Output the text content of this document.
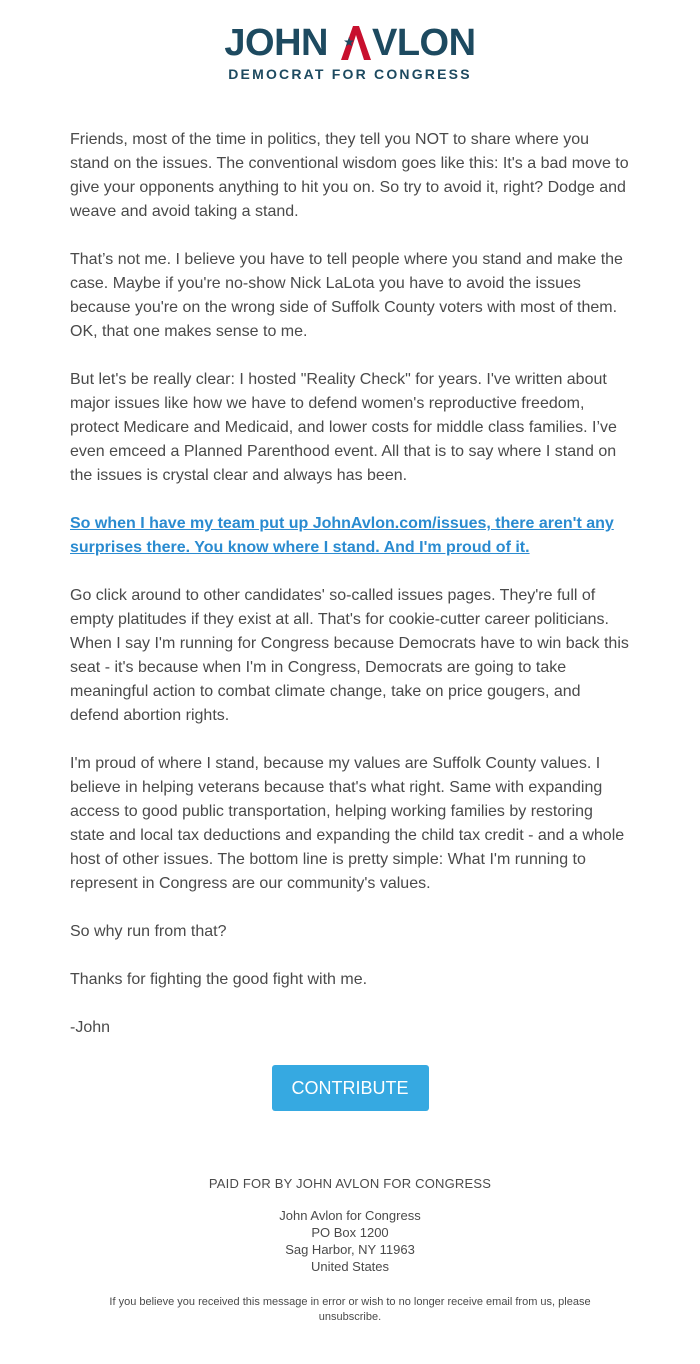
JOHN VLON
DEMOCRAT FOR CONGRESS

Friends, most of the time in politics, they tell you NOT to share where you stand on the issues. The conventional wisdom goes like this: It's a bad move to give your opponents anything to hit you on. So try to avoid it, right? Dodge and weave and avoid taking a stand.

That’s not me. I believe you have to tell people where you stand and make the case. Maybe if you're no-show Nick LaLota you have to avoid the issues because you're on the wrong side of Suffolk County voters with most of them. OK, that one makes sense to me.

But let's be really clear: I hosted "Reality Check" for years. I've written about major issues like how we have to defend women's reproductive freedom, protect Medicare and Medicaid, and lower costs for middle class families. I’ve even emceed a Planned Parenthood event. All that is to say where I stand on the issues is crystal clear and always has been.

So when I have my team put up JohnAvlon.com/issues, there aren't any surprises there. You know where I stand. And I'm proud of it.

Go click around to other candidates' so-called issues pages. They're full of empty platitudes if they exist at all. That's for cookie-cutter career politicians. When I say I'm running for Congress because Democrats have to win back this seat - it's because when I'm in Congress, Democrats are going to take meaningful action to combat climate change, take on price gougers, and defend abortion rights.

I'm proud of where I stand, because my values are Suffolk County values. I believe in helping veterans because that's what right. Same with expanding access to good public transportation, helping working families by restoring state and local tax deductions and expanding the child tax credit - and a whole host of other issues. The bottom line is pretty simple: What I'm running to represent in Congress are our community's values.

So why run from that?

Thanks for fighting the good fight with me.

-John

CONTRIBUTE
PAID FOR BY JOHN AVLON FOR CONGRESS
John Avlon for Congress
PO Box 1200
Sag Harbor, NY 11963
United States
If you believe you received this message in error or wish to no longer receive email from us, please unsubscribe.
